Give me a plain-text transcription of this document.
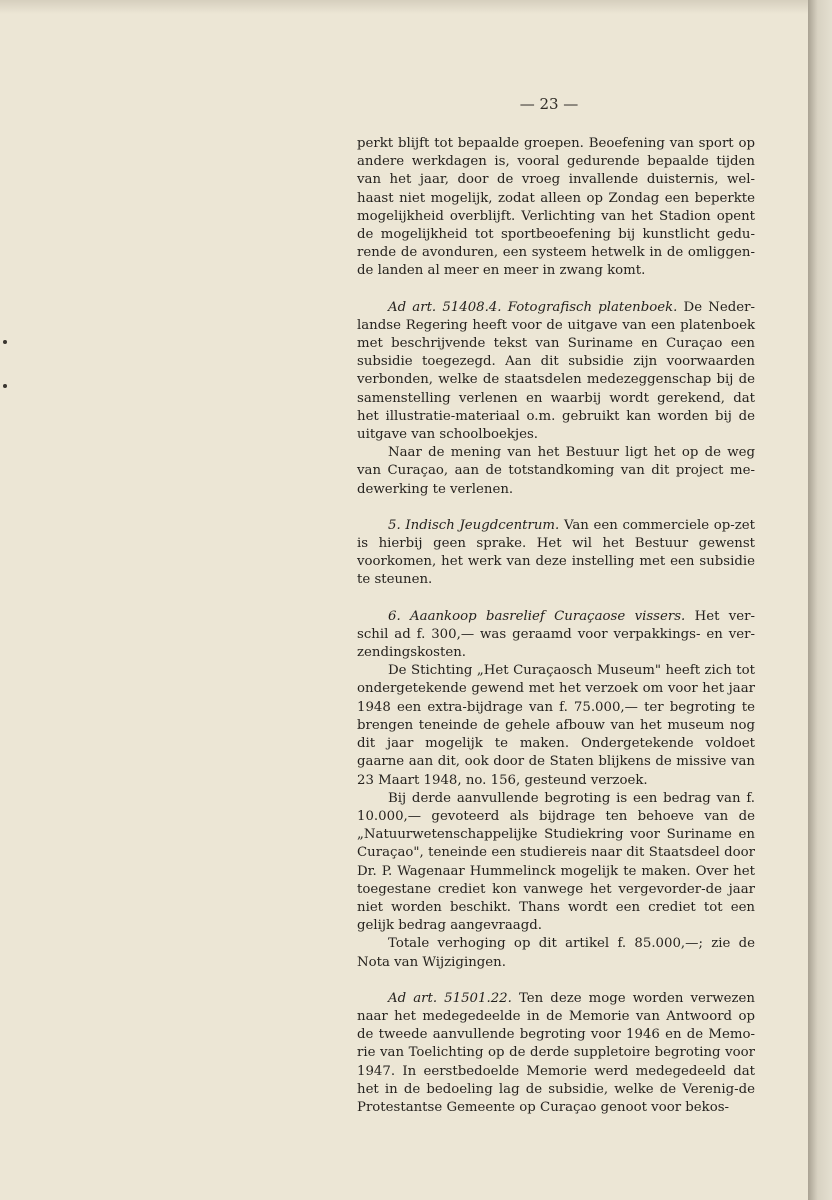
— 23 —

perkt blijft tot bepaalde groepen. Beoefening van sport op andere werkdagen is, vooral gedurende bepaalde tijden van het jaar, door de vroeg invallende duisternis, wel-haast niet mogelijk, zodat alleen op Zondag een beperkte mogelijkheid overblijft. Verlichting van het Stadion opent de mogelijkheid tot sportbeoefening bij kunstlicht gedu-rende de avonduren, een systeem hetwelk in de omliggen-de landen al meer en meer in zwang komt.

Ad art. 51408.4. Fotografisch platenboek. De Neder-landse Regering heeft voor de uitgave van een platenboek met beschrijvende tekst van Suriname en Curaçao een subsidie toegezegd. Aan dit subsidie zijn voorwaarden verbonden, welke de staatsdelen medezeggenschap bij de samenstelling verlenen en waarbij wordt gerekend, dat het illustratie-materiaal o.m. gebruikt kan worden bij de uitgave van schoolboekjes.

Naar de mening van het Bestuur ligt het op de weg van Curaçao, aan de totstandkoming van dit project me-dewerking te verlenen.

5. Indisch Jeugdcentrum. Van een commerciele op-zet is hierbij geen sprake. Het wil het Bestuur gewenst voorkomen, het werk van deze instelling met een subsidie te steunen.

6. Aaankoop basrelief Curaçaose vissers. Het ver-schil ad f. 300,— was geraamd voor verpakkings- en ver-zendingskosten.

De Stichting „Het Curaçaosch Museum" heeft zich tot ondergetekende gewend met het verzoek om voor het jaar 1948 een extra-bijdrage van f. 75.000,— ter begroting te brengen teneinde de gehele afbouw van het museum nog dit jaar mogelijk te maken. Ondergetekende voldoet gaarne aan dit, ook door de Staten blijkens de missive van 23 Maart 1948, no. 156, gesteund verzoek.

Bij derde aanvullende begroting is een bedrag van f. 10.000,— gevoteerd als bijdrage ten behoeve van de „Natuurwetenschappelijke Studiekring voor Suriname en Curaçao", teneinde een studiereis naar dit Staatsdeel door Dr. P. Wagenaar Hummelinck mogelijk te maken. Over het toegestane crediet kon vanwege het vergevorder-de jaar niet worden beschikt. Thans wordt een crediet tot een gelijk bedrag aangevraagd.

Totale verhoging op dit artikel f. 85.000,—; zie de Nota van Wijzigingen.

Ad art. 51501.22. Ten deze moge worden verwezen naar het medegedeelde in de Memorie van Antwoord op de tweede aanvullende begroting voor 1946 en de Memo-rie van Toelichting op de derde suppletoire begroting voor 1947. In eerstbedoelde Memorie werd medegedeeld dat het in de bedoeling lag de subsidie, welke de Verenig-de Protestantse Gemeente op Curaçao genoot voor bekos-
